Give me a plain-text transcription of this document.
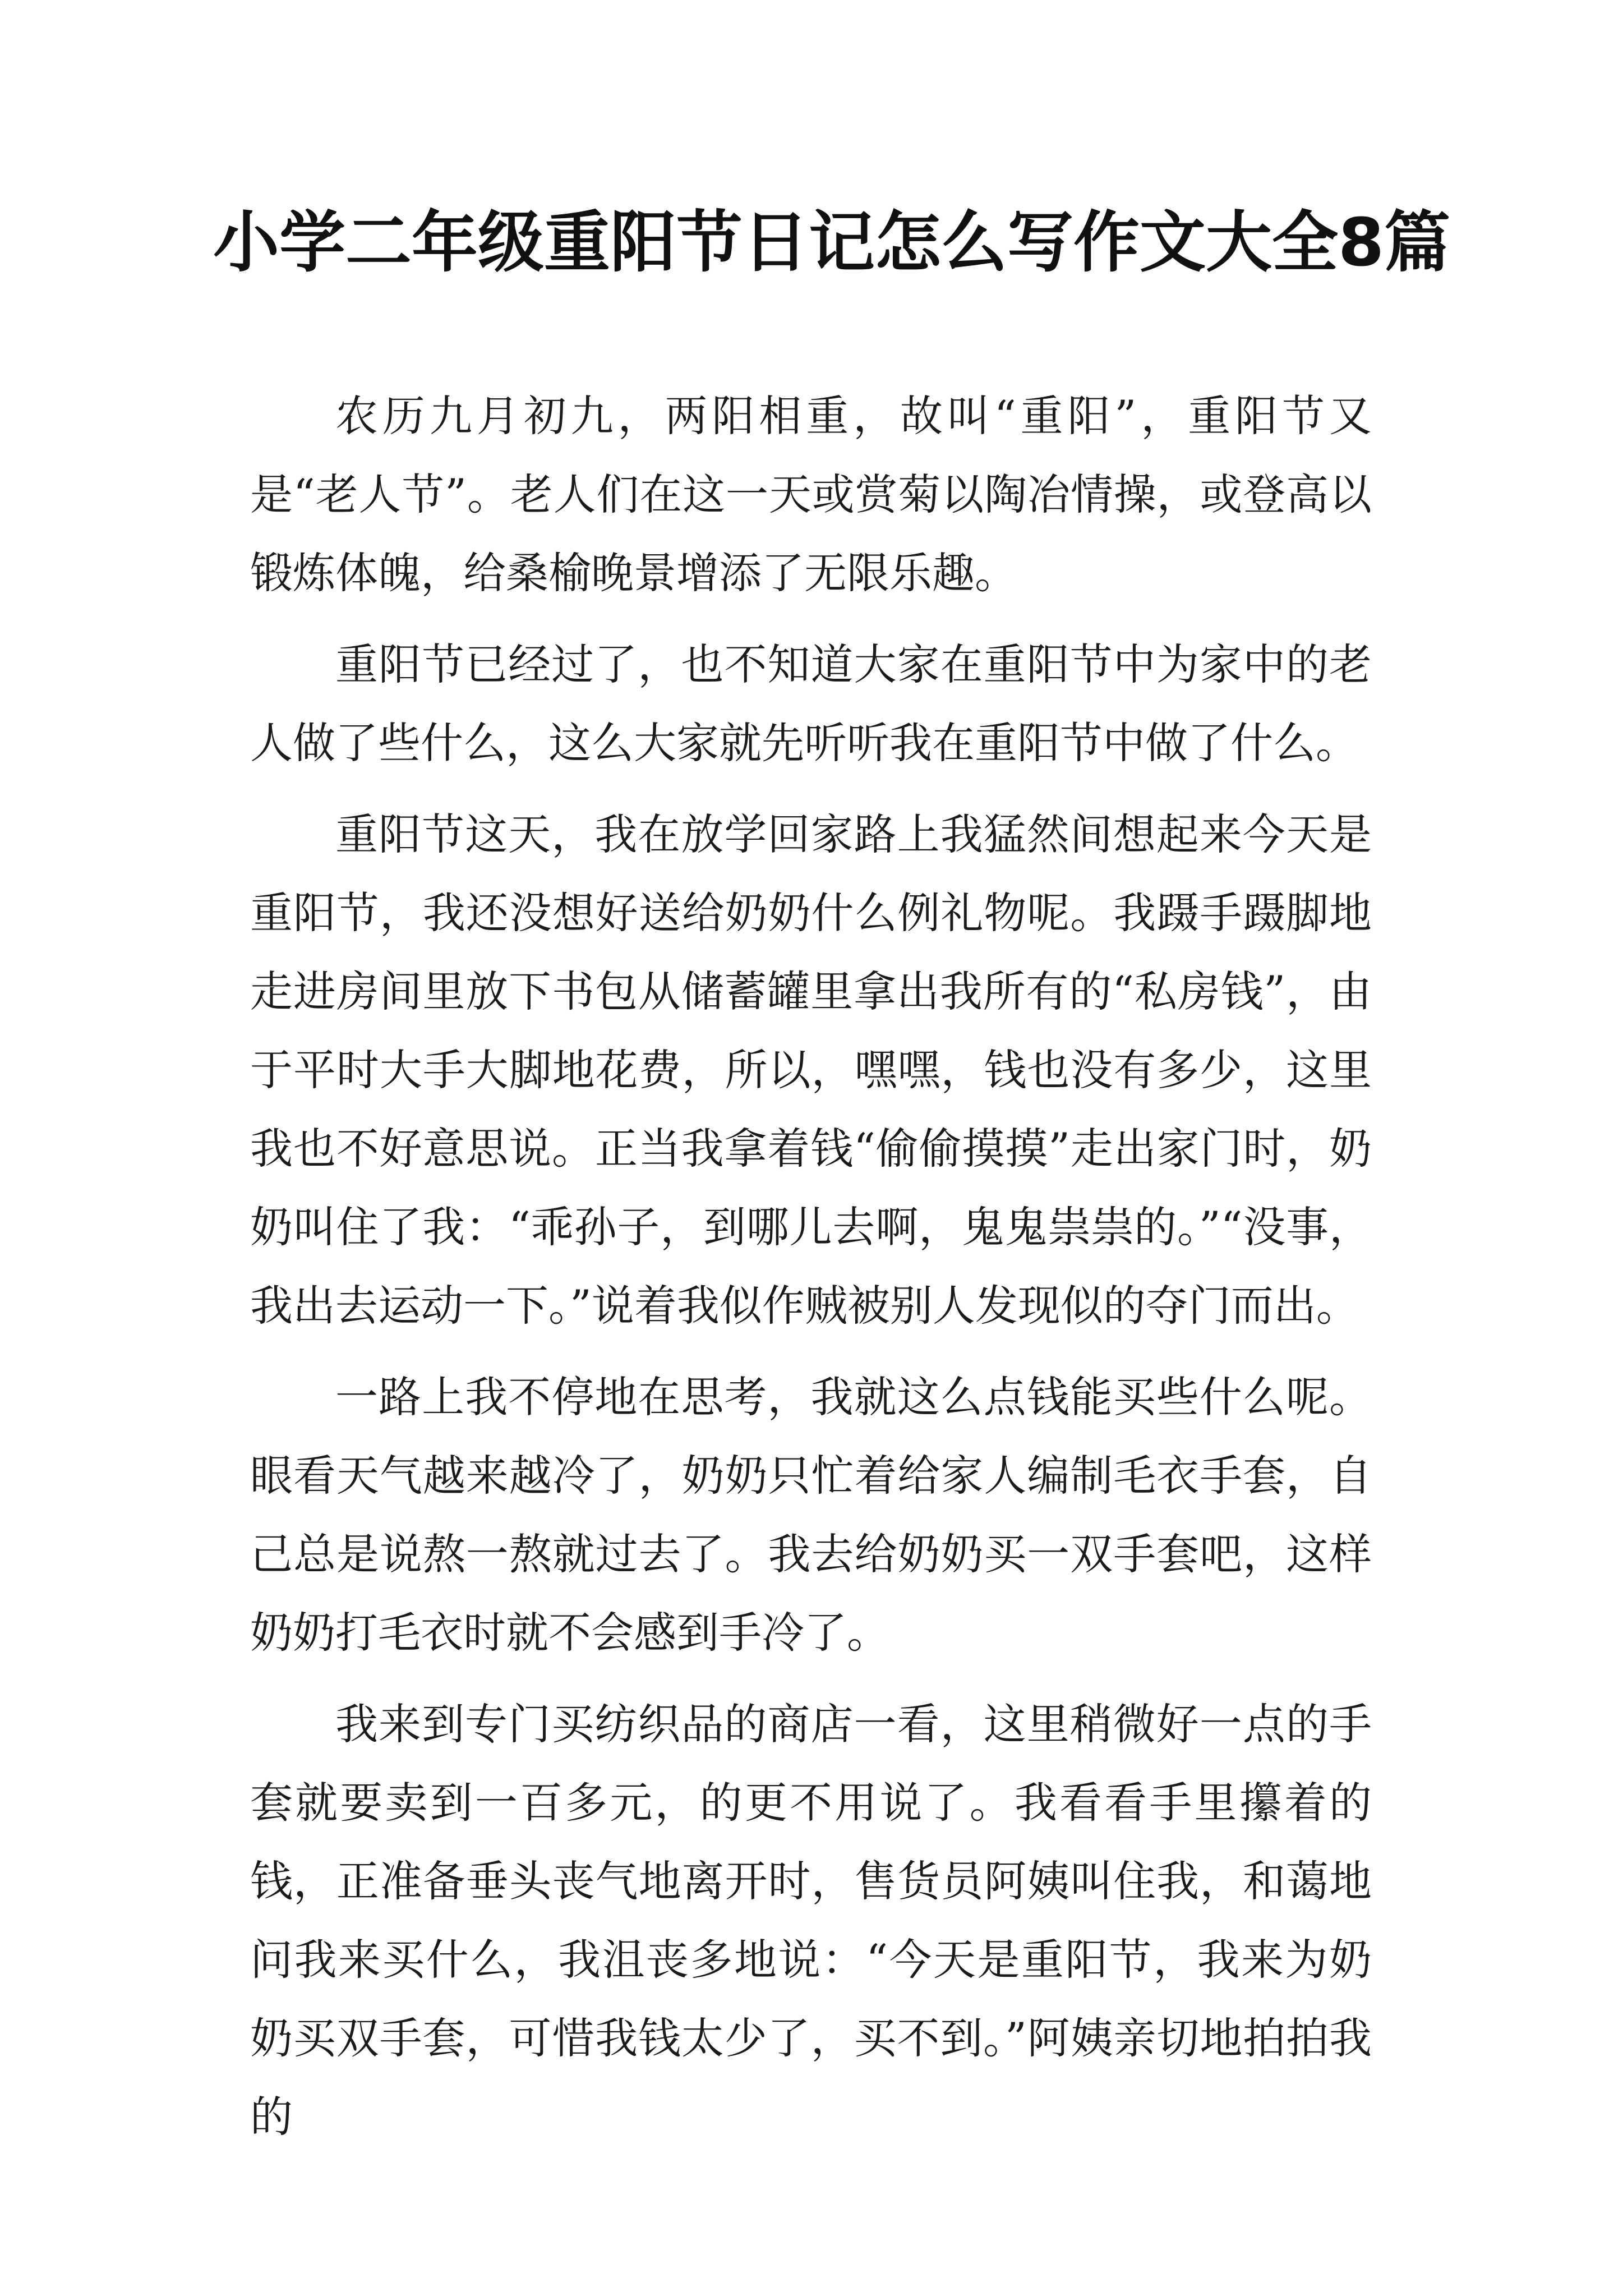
小学二年级重阳节日记怎么写作文大全8篇

农历九月初九，两阳相重，故叫“重阳”，重阳节又是“老人节”。老人们在这一天或赏菊以陶冶情操，或登高以锻炼体魄，给桑榆晚景增添了无限乐趣。

重阳节已经过了，也不知道大家在重阳节中为家中的老人做了些什么，这么大家就先听听我在重阳节中做了什么。

重阳节这天，我在放学回家路上我猛然间想起来今天是重阳节，我还没想好送给奶奶什么例礼物呢。我蹑手蹑脚地走进房间里放下书包从储蓄罐里拿出我所有的“私房钱”，由于平时大手大脚地花费，所以，嘿嘿，钱也没有多少，这里我也不好意思说。正当我拿着钱“偷偷摸摸”走出家门时，奶奶叫住了我：“乖孙子，到哪儿去啊，鬼鬼祟祟的。”“没事，我出去运动一下。”说着我似作贼被别人发现似的夺门而出。

一路上我不停地在思考，我就这么点钱能买些什么呢。眼看天气越来越冷了，奶奶只忙着给家人编制毛衣手套，自己总是说熬一熬就过去了。我去给奶奶买一双手套吧，这样奶奶打毛衣时就不会感到手冷了。

我来到专门买纺织品的商店一看，这里稍微好一点的手套就要卖到一百多元，的更不用说了。我看看手里攥着的钱，正准备垂头丧气地离开时，售货员阿姨叫住我，和蔼地问我来买什么，我沮丧多地说：“今天是重阳节，我来为奶奶买双手套，可惜我钱太少了，买不到。”阿姨亲切地拍拍我的
